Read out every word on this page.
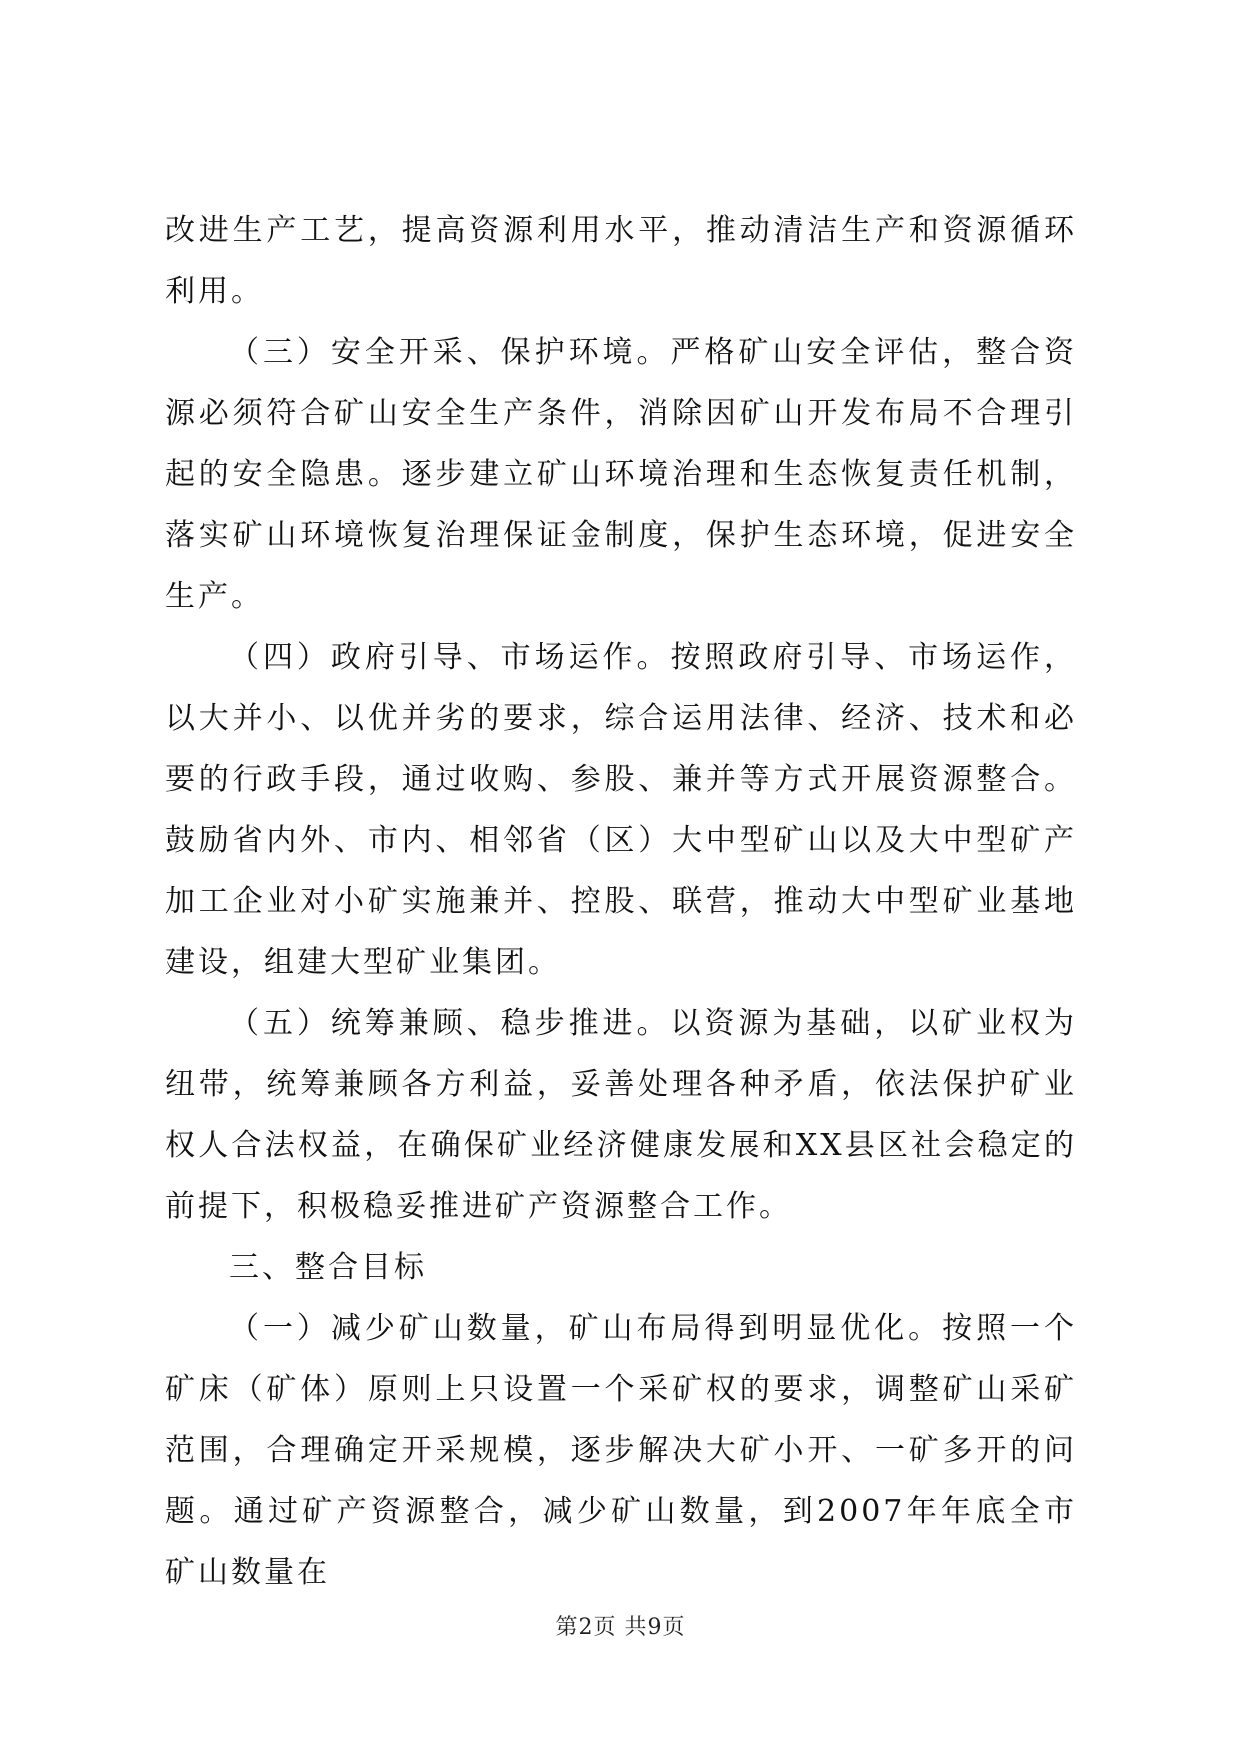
改进生产工艺，提高资源利用水平，推动清洁生产和资源循环利用。

（三）安全开采、保护环境。严格矿山安全评估，整合资源必须符合矿山安全生产条件，消除因矿山开发布局不合理引起的安全隐患。逐步建立矿山环境治理和生态恢复责任机制，落实矿山环境恢复治理保证金制度，保护生态环境，促进安全生产。

（四）政府引导、市场运作。按照政府引导、市场运作，以大并小、以优并劣的要求，综合运用法律、经济、技术和必要的行政手段，通过收购、参股、兼并等方式开展资源整合。鼓励省内外、市内、相邻省（区）大中型矿山以及大中型矿产加工企业对小矿实施兼并、控股、联营，推动大中型矿业基地建设，组建大型矿业集团。

（五）统筹兼顾、稳步推进。以资源为基础，以矿业权为纽带，统筹兼顾各方利益，妥善处理各种矛盾，依法保护矿业权人合法权益，在确保矿业经济健康发展和XX县区社会稳定的前提下，积极稳妥推进矿产资源整合工作。

三、整合目标

（一）减少矿山数量，矿山布局得到明显优化。按照一个矿床（矿体）原则上只设置一个采矿权的要求，调整矿山采矿范围，合理确定开采规模，逐步解决大矿小开、一矿多开的问题。通过矿产资源整合，减少矿山数量，到2007年年底全市矿山数量在

第2页 共9页
